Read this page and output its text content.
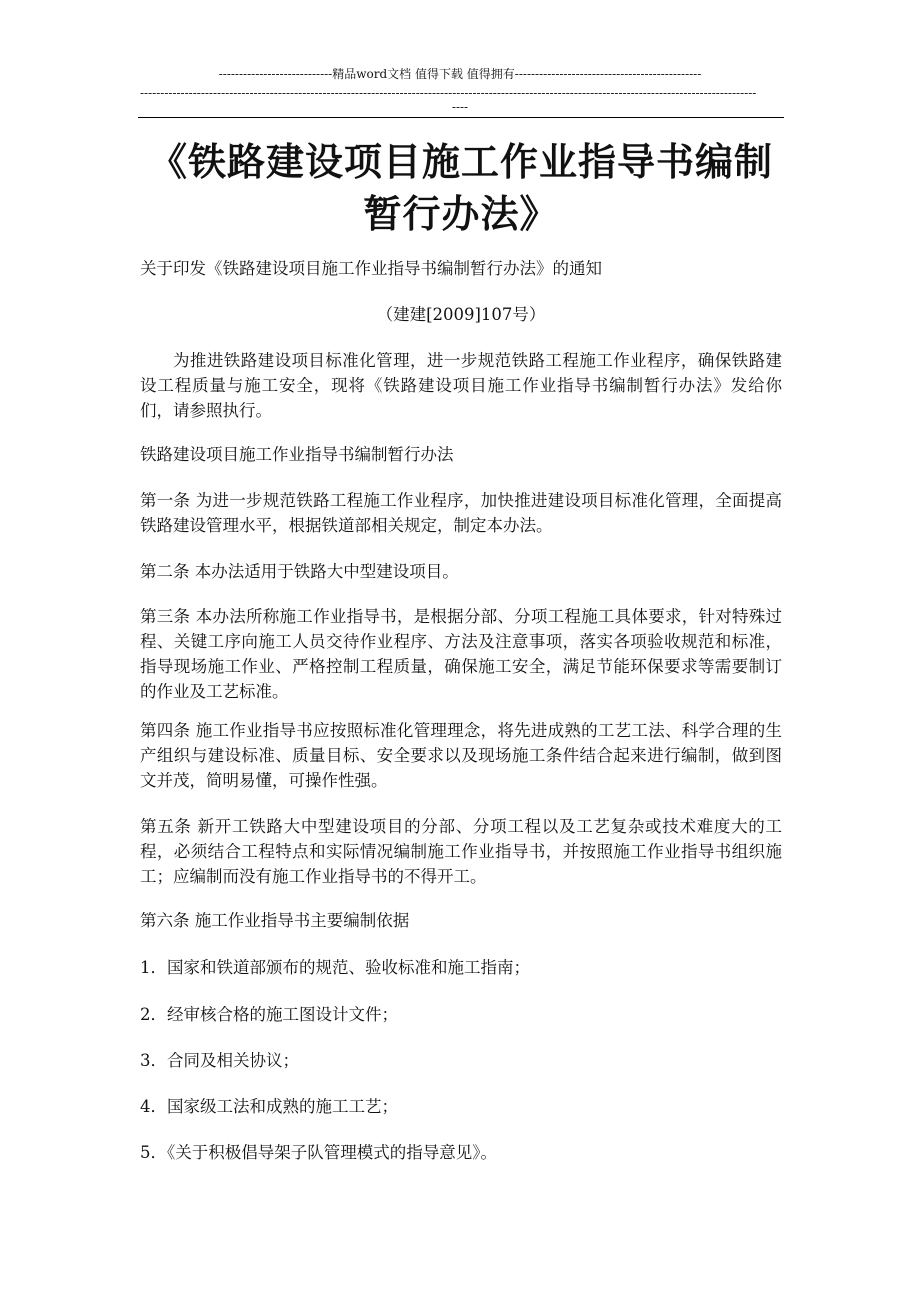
----------------------------精品word文档 值得下载 值得拥有----------------------------------------------
--------------------------------------------------------------------------------------------------------------------------------------------------------
----
《铁路建设项目施工作业指导书编制暂行办法》

关于印发《铁路建设项目施工作业指导书编制暂行办法》的通知

（建建[2009]107号）

为推进铁路建设项目标准化管理，进一步规范铁路工程施工作业程序，确保铁路建设工程质量与施工安全，现将《铁路建设项目施工作业指导书编制暂行办法》发给你们，请参照执行。

铁路建设项目施工作业指导书编制暂行办法

第一条 为进一步规范铁路工程施工作业程序，加快推进建设项目标准化管理，全面提高铁路建设管理水平，根据铁道部相关规定，制定本办法。

第二条 本办法适用于铁路大中型建设项目。

第三条 本办法所称施工作业指导书，是根据分部、分项工程施工具体要求，针对特殊过程、关键工序向施工人员交待作业程序、方法及注意事项，落实各项验收规范和标准，指导现场施工作业、严格控制工程质量，确保施工安全，满足节能环保要求等需要制订的作业及工艺标准。

第四条 施工作业指导书应按照标准化管理理念，将先进成熟的工艺工法、科学合理的生产组织与建设标准、质量目标、安全要求以及现场施工条件结合起来进行编制，做到图文并茂，简明易懂，可操作性强。

第五条 新开工铁路大中型建设项目的分部、分项工程以及工艺复杂或技术难度大的工程，必须结合工程特点和实际情况编制施工作业指导书，并按照施工作业指导书组织施工；应编制而没有施工作业指导书的不得开工。

第六条 施工作业指导书主要编制依据

1．国家和铁道部颁布的规范、验收标准和施工指南；

2．经审核合格的施工图设计文件；

3．合同及相关协议；

4．国家级工法和成熟的施工工艺；

5．《关于积极倡导架子队管理模式的指导意见》。
